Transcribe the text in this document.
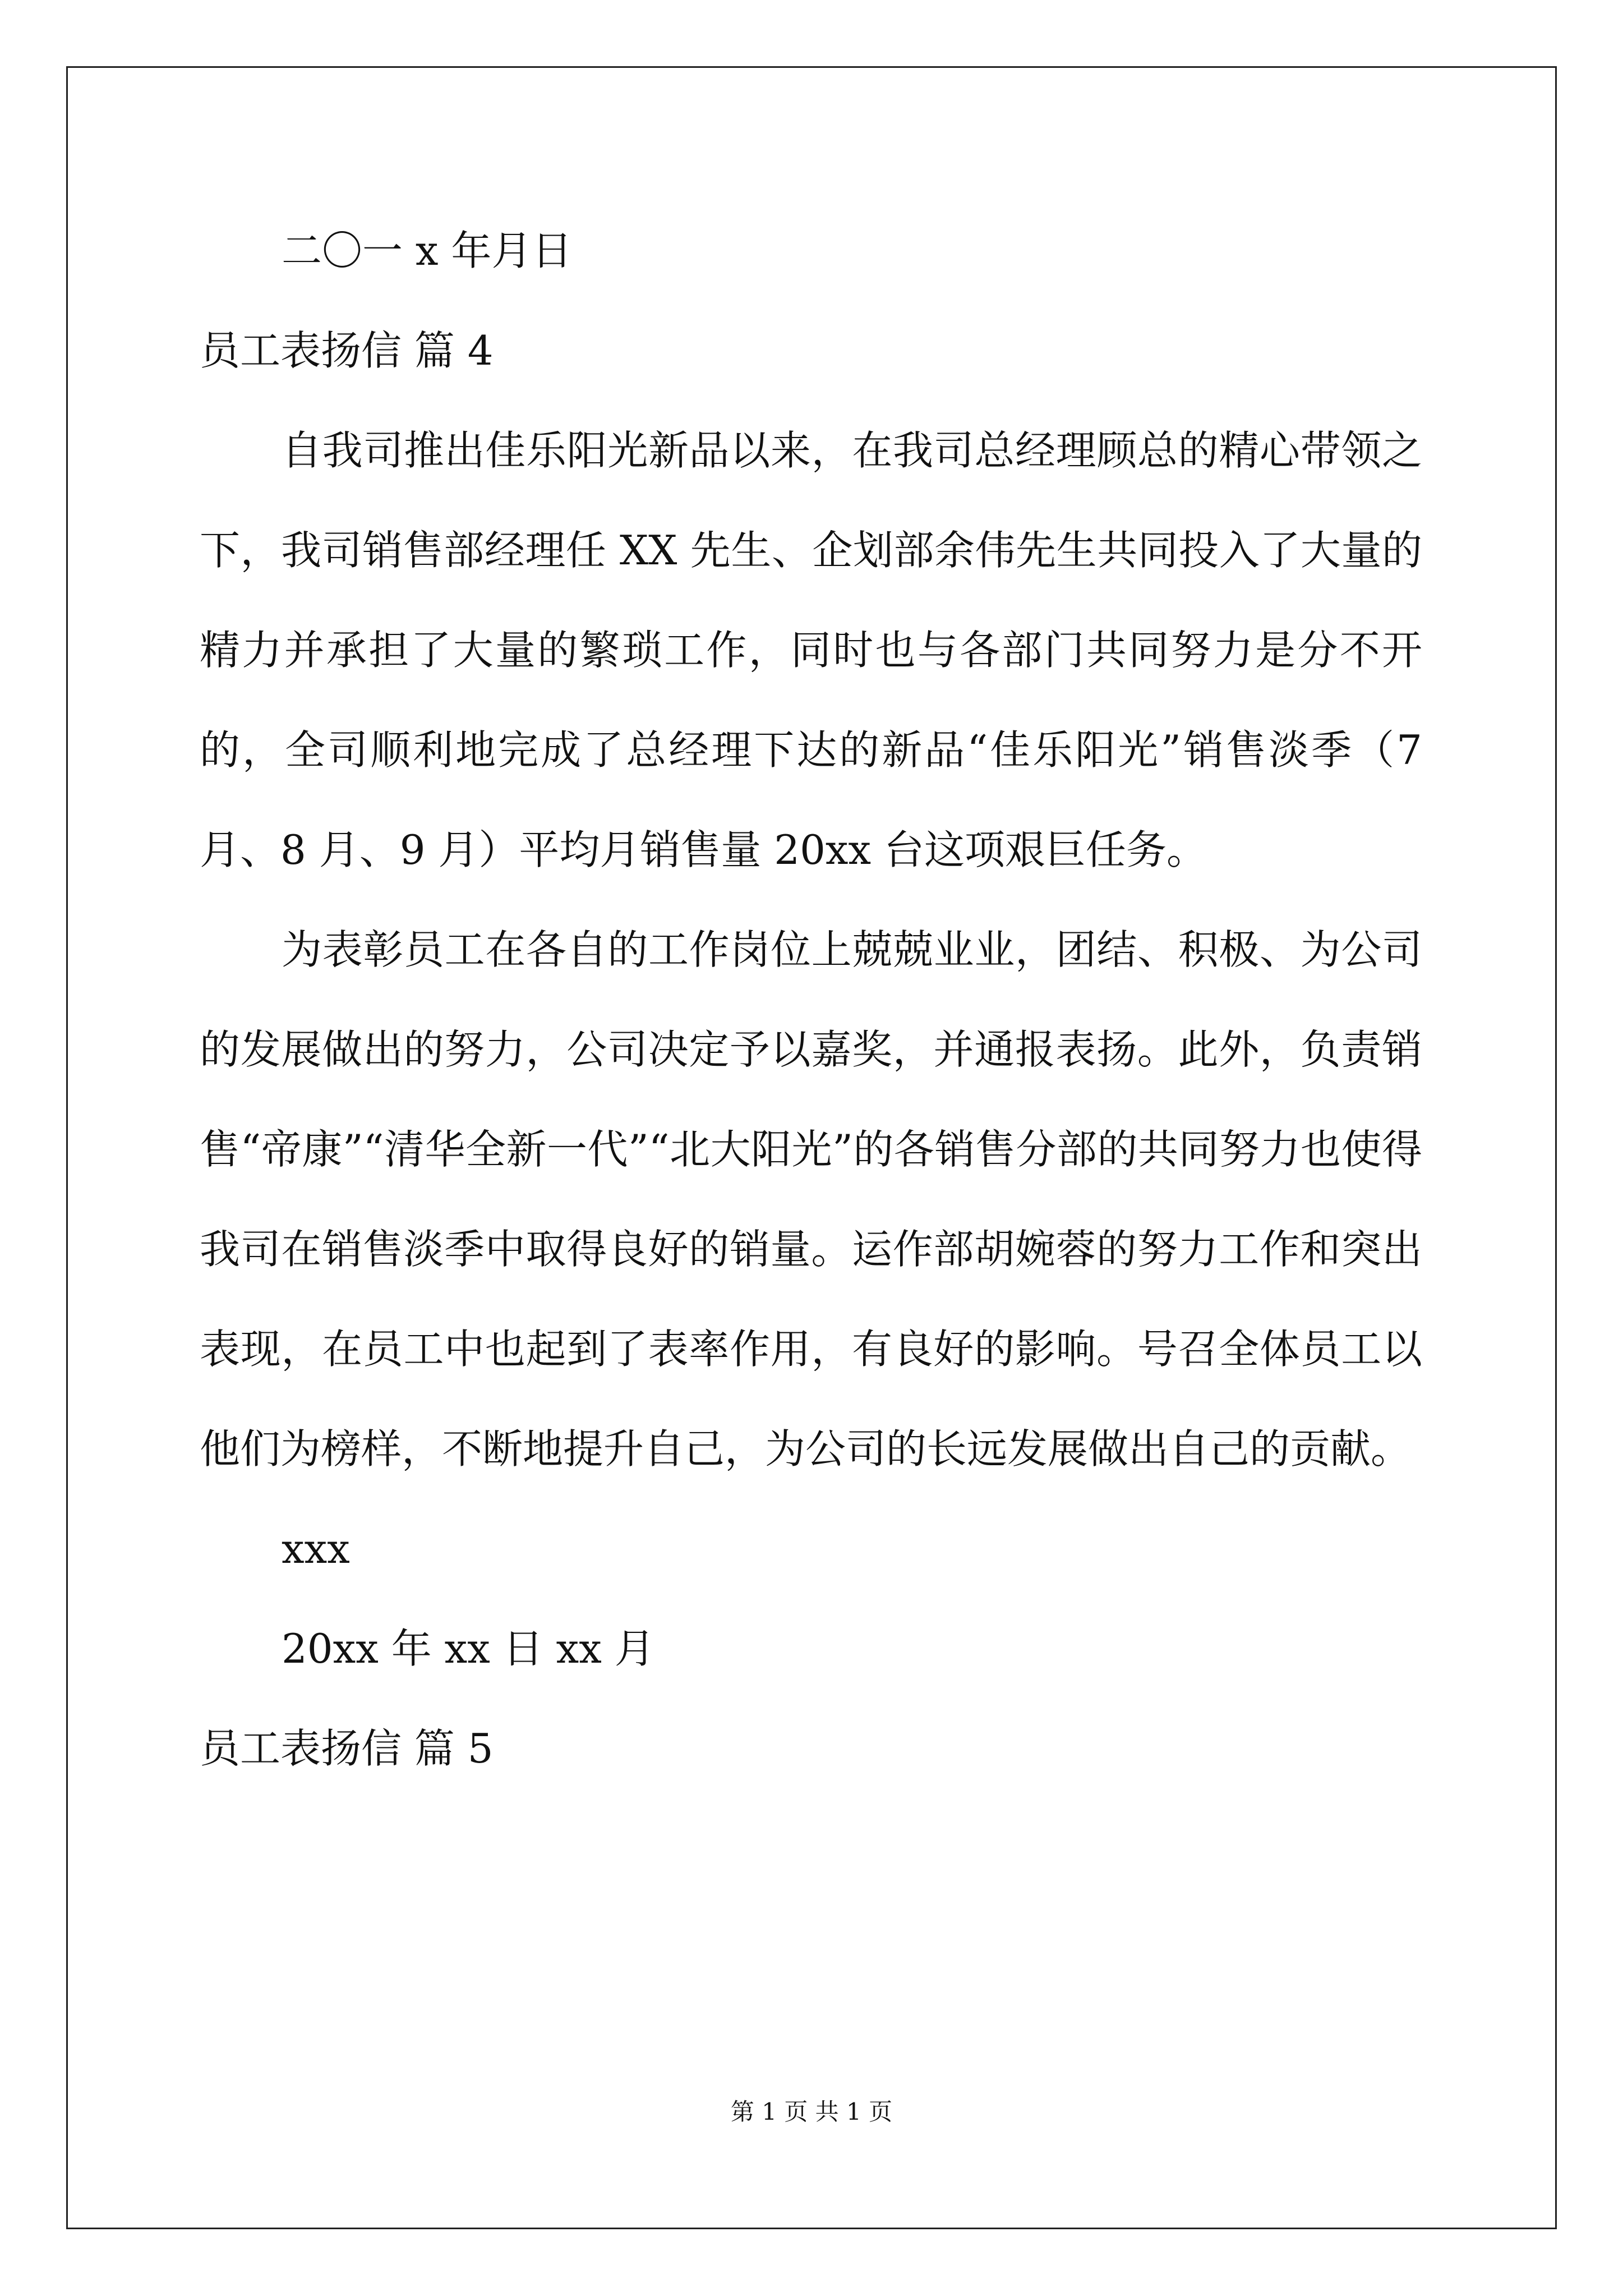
二〇一 x 年月日

员工表扬信 篇 4

自我司推出佳乐阳光新品以来，在我司总经理顾总的精心带领之下，我司销售部经理任 XX 先生、企划部余伟先生共同投入了大量的精力并承担了大量的繁琐工作，同时也与各部门共同努力是分不开的，全司顺利地完成了总经理下达的新品“佳乐阳光”销售淡季（7 月、8 月、9 月）平均月销售量 20xx 台这项艰巨任务。

为表彰员工在各自的工作岗位上兢兢业业，团结、积极、为公司的发展做出的努力，公司决定予以嘉奖，并通报表扬。此外，负责销售“帝康”“清华全新一代”“北大阳光”的各销售分部的共同努力也使得我司在销售淡季中取得良好的销量。运作部胡婉蓉的努力工作和突出表现，在员工中也起到了表率作用，有良好的影响。号召全体员工以他们为榜样，不断地提升自己，为公司的长远发展做出自己的贡献。

xxx

20xx 年 xx 日 xx 月

员工表扬信 篇 5

第 1 页 共 1 页
